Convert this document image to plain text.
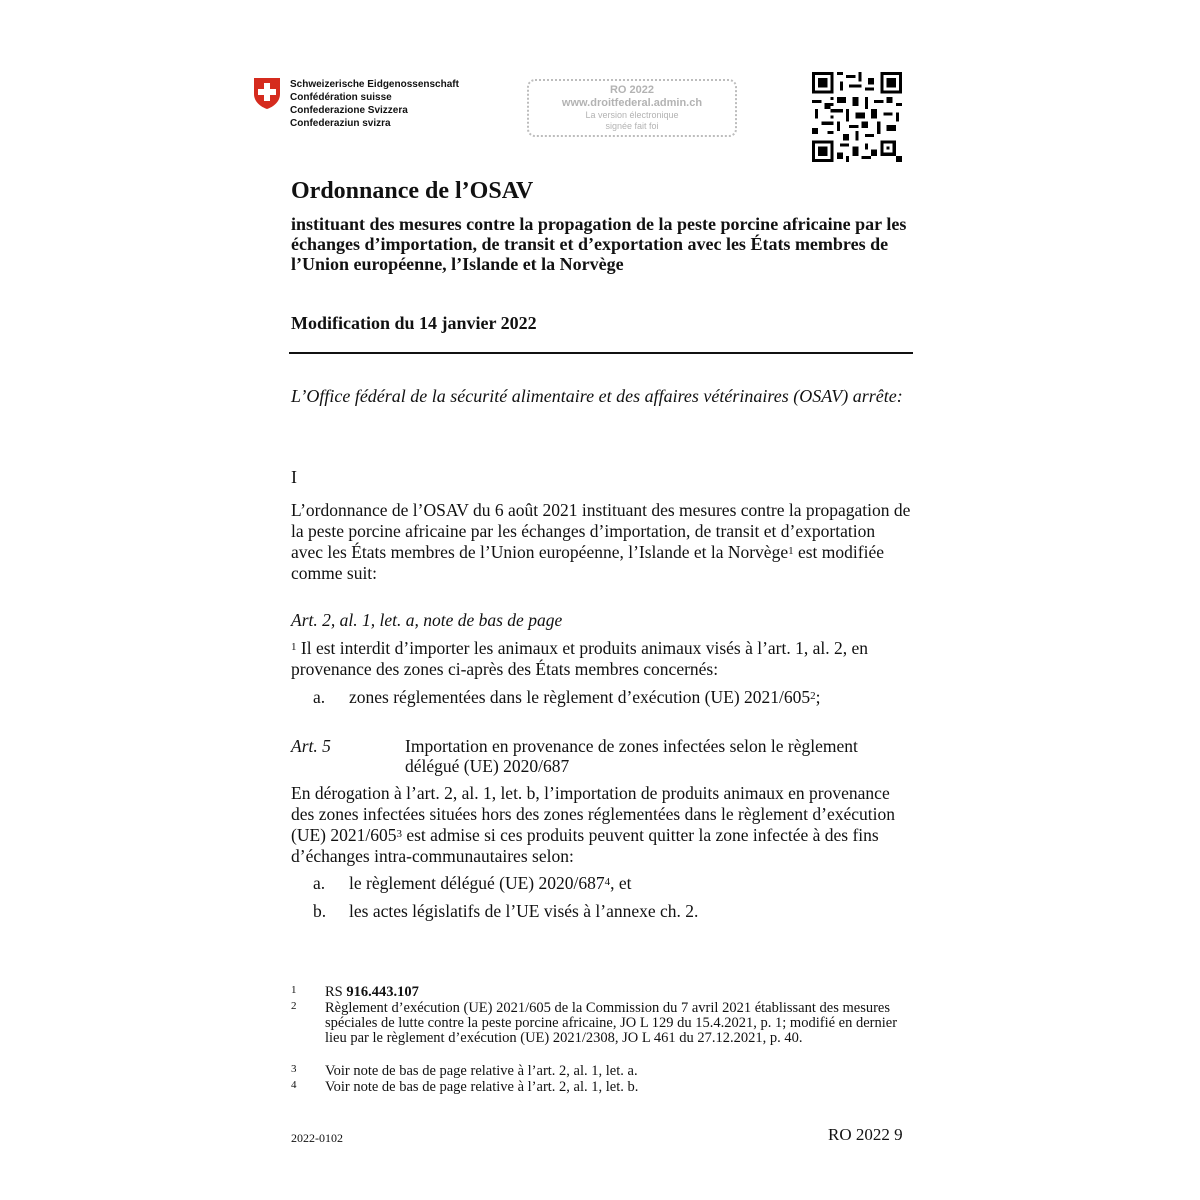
Schweizerische Eidgenossenschaft
Confédération suisse
Confederazione Svizzera
Confederaziun svizra
RO 2022
www.droitfederal.admin.ch
La version électronique
signée fait foi
Ordonnance de l’OSAV
instituant des mesures contre la propagation de la peste porcine africaine par les échanges d’importation, de transit et d’exportation avec les États membres de l’Union européenne, l’Islande et la Norvège
Modification du 14 janvier 2022
L’Office fédéral de la sécurité alimentaire et des affaires vétérinaires (OSAV) arrête:
I
L’ordonnance de l’OSAV du 6 août 2021 instituant des mesures contre la propagation de la peste porcine africaine par les échanges d’importation, de transit et d’exportation avec les États membres de l’Union européenne, l’Islande et la Norvège$^1$ est modifiée comme suit:
Art. 2, al. 1, let. a, note de bas de page
$^1$ Il est interdit d’importer les animaux et produits animaux visés à l’art. 1, al. 2, en provenance des zones ci-après des États membres concernés:
a. zones réglementées dans le règlement d’exécution (UE) $2021/605^2$;
Art. 5	Importation en provenance de zones infectées selon le règlement délégué (UE) 2020/687
En dérogation à l’art. 2, al. 1, let. b, l’importation de produits animaux en provenance des zones infectées situées hors des zones réglementées dans le règlement d’exécution (UE) $2021/605^3$ est admise si ces produits peuvent quitter la zone infectée à des fins d’échanges intra-communautaires selon:
a. le règlement délégué (UE) $2020/687^4$, et
b. les actes législatifs de l’UE visés à l’annexe ch. 2.
1 RS 916.443.107
2 Règlement d’exécution (UE) 2021/605 de la Commission du 7 avril 2021 établissant des mesures spéciales de lutte contre la peste porcine africaine, JO L 129 du 15.4.2021, p. 1; modifié en dernier lieu par le règlement d’exécution (UE) 2021/2308, JO L 461 du 27.12.2021, p. 40.
3 Voir note de bas de page relative à l’art. 2, al. 1, let. a.
4 Voir note de bas de page relative à l’art. 2, al. 1, let. b.
2022-0102	RO 2022 9
